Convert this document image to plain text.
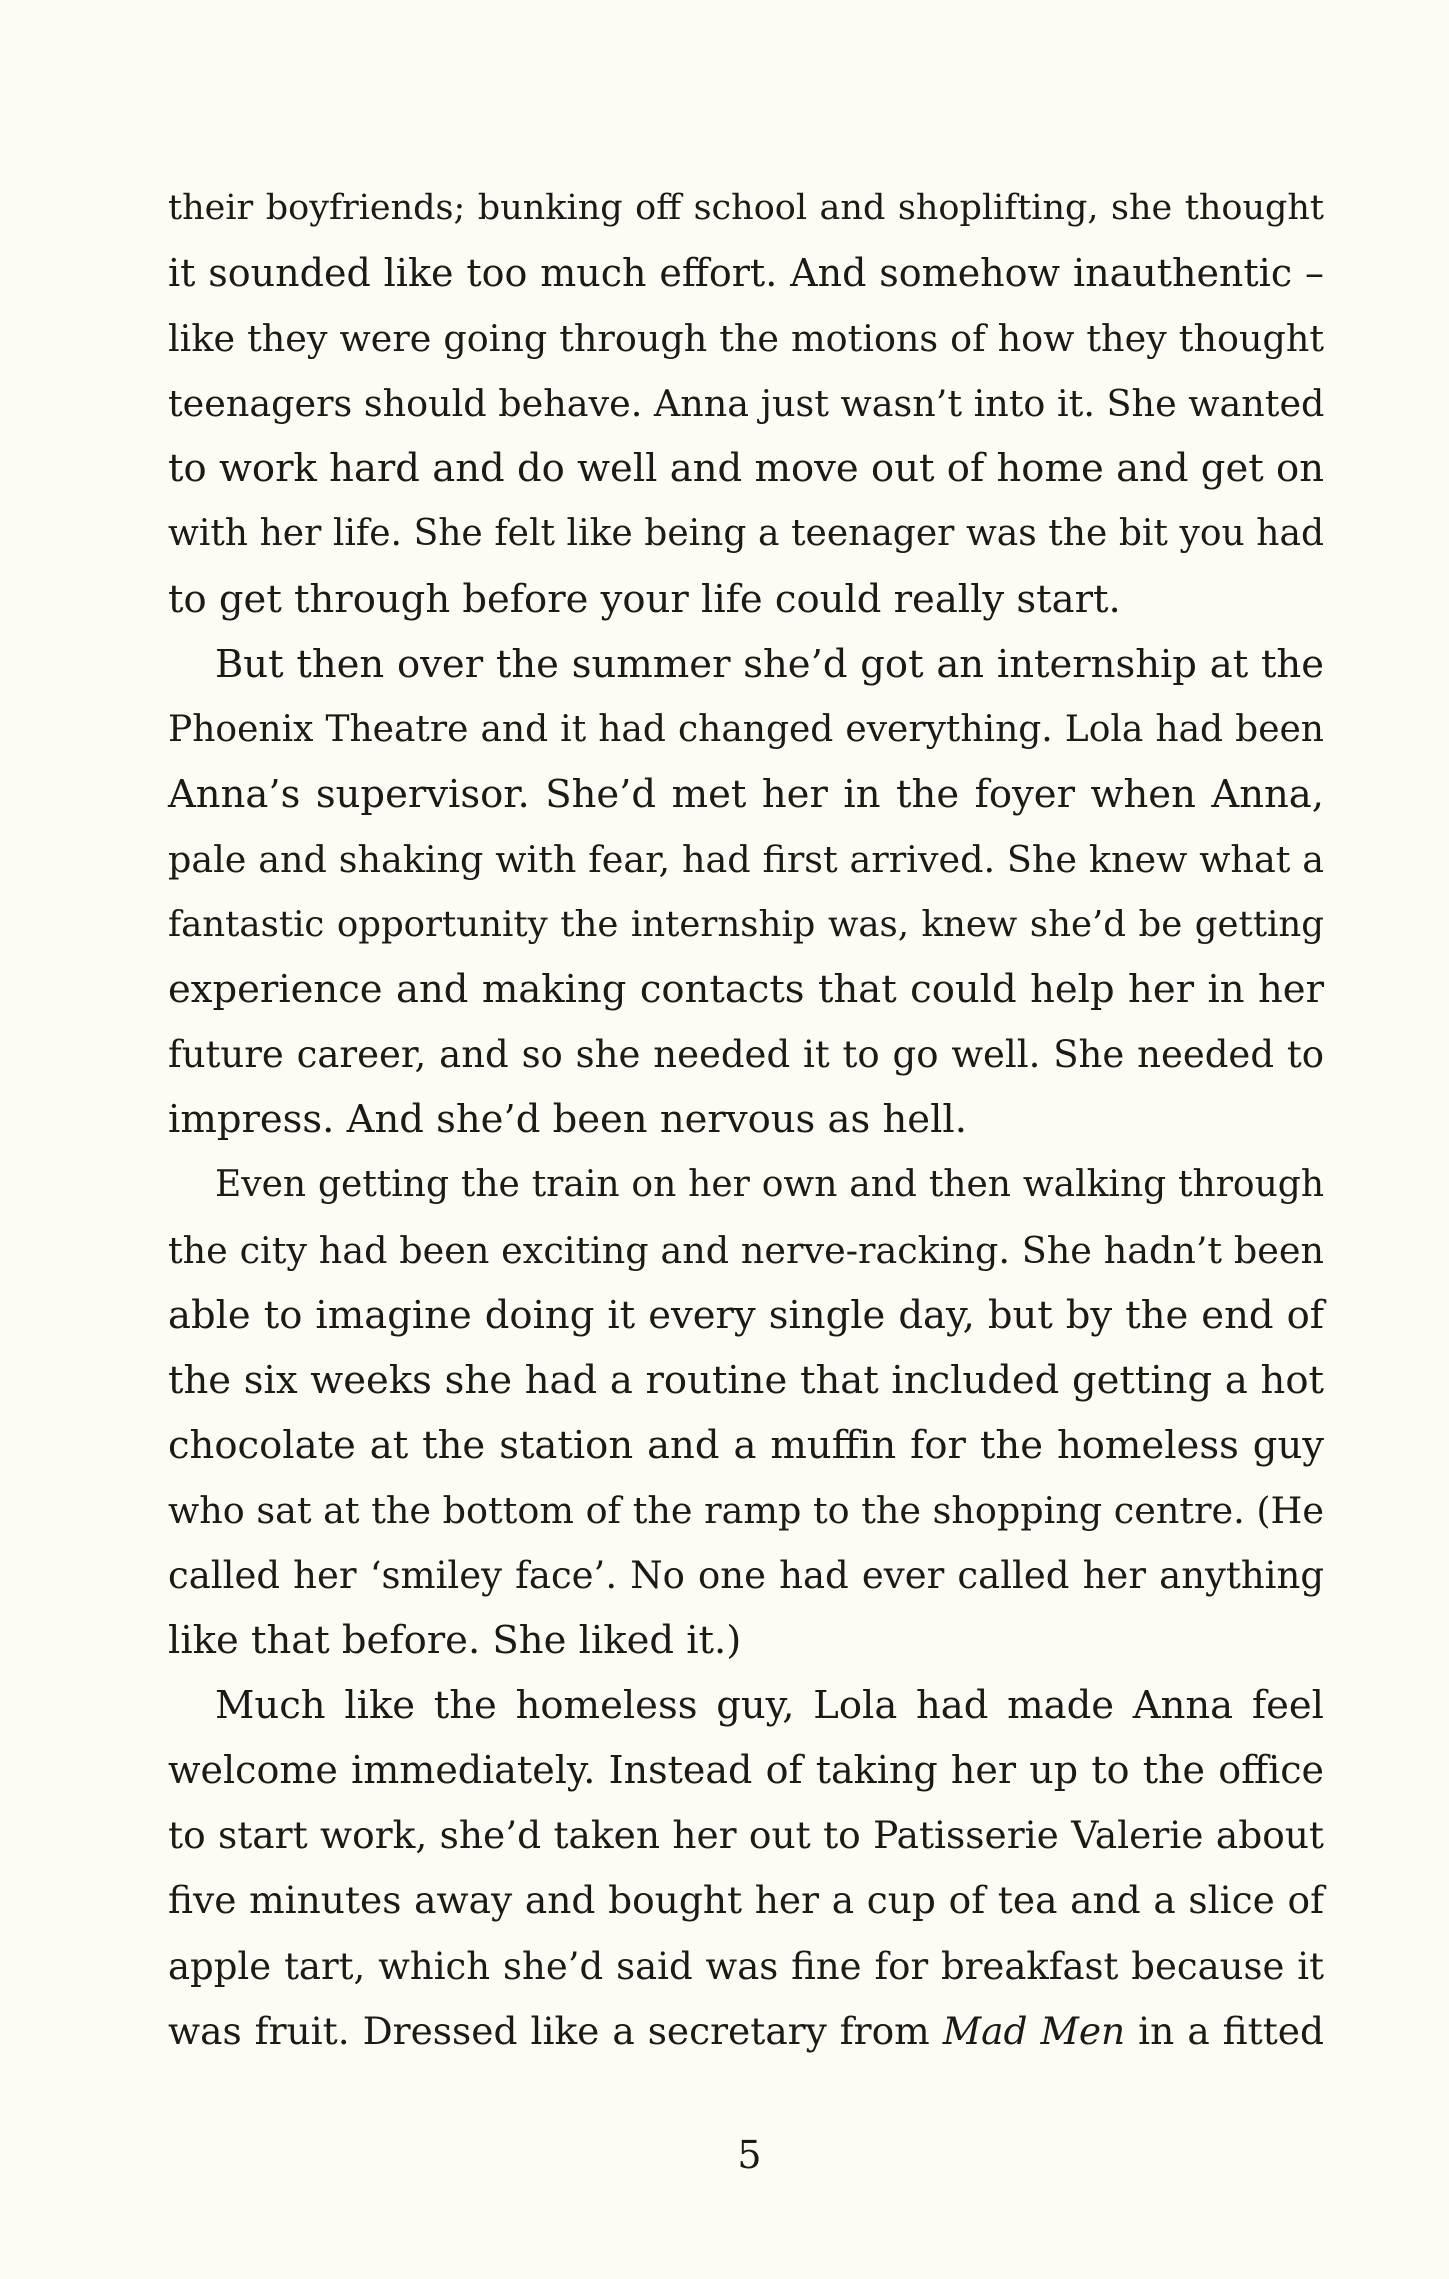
their boyfriends; bunking off school and shoplifting, she thought
it sounded like too much effort. And somehow inauthentic –
like they were going through the motions of how they thought
teenagers should behave. Anna just wasn’t into it. She wanted
to work hard and do well and move out of home and get on
with her life. She felt like being a teenager was the bit you had
to get through before your life could really start.

But then over the summer she’d got an internship at the
Phoenix Theatre and it had changed everything. Lola had been
Anna’s supervisor. She’d met her in the foyer when Anna,
pale and shaking with fear, had first arrived. She knew what a
fantastic opportunity the internship was, knew she’d be getting
experience and making contacts that could help her in her
future career, and so she needed it to go well. She needed to
impress. And she’d been nervous as hell.

Even getting the train on her own and then walking through
the city had been exciting and nerve-racking. She hadn’t been
able to imagine doing it every single day, but by the end of
the six weeks she had a routine that included getting a hot
chocolate at the station and a muffin for the homeless guy
who sat at the bottom of the ramp to the shopping centre. (He
called her ‘smiley face’. No one had ever called her anything
like that before. She liked it.)

Much like the homeless guy, Lola had made Anna feel
welcome immediately. Instead of taking her up to the office
to start work, she’d taken her out to Patisserie Valerie about
five minutes away and bought her a cup of tea and a slice of
apple tart, which she’d said was fine for breakfast because it
was fruit. Dressed like a secretary from Mad Men in a fitted

5
